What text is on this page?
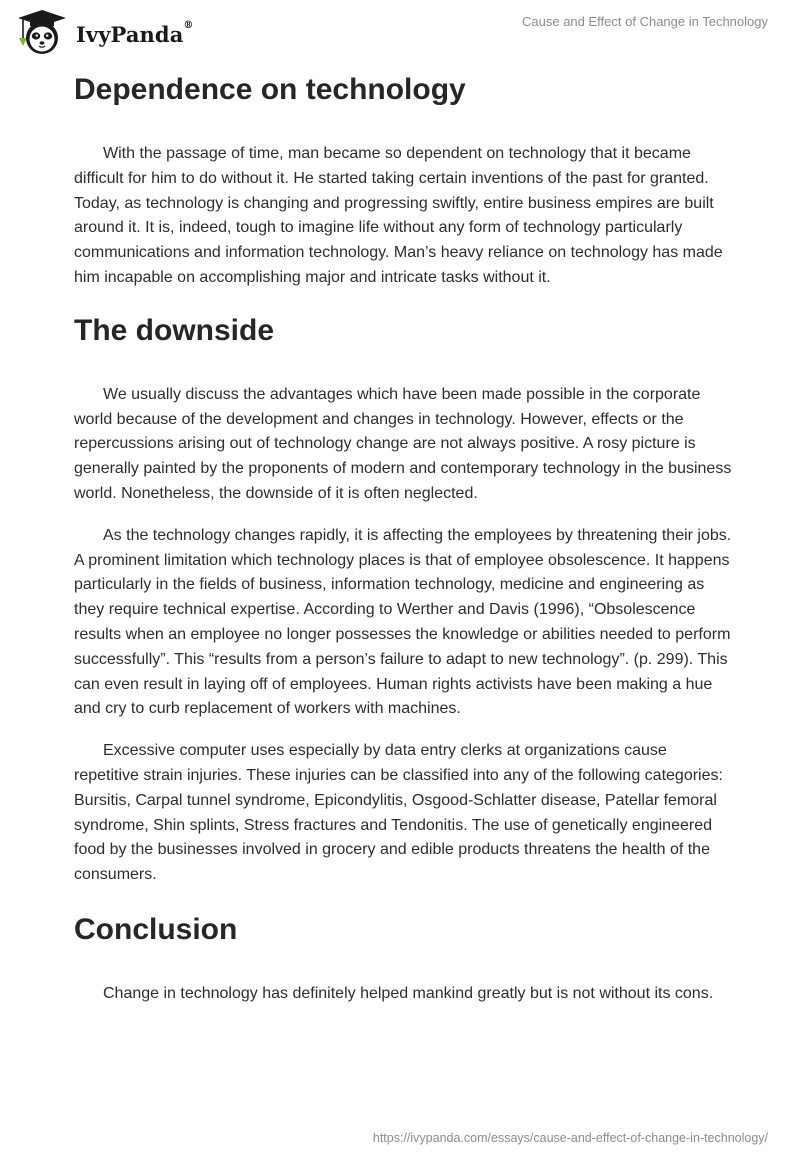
IvyPanda®	Cause and Effect of Change in Technology
Dependence on technology

With the passage of time, man became so dependent on technology that it became difficult for him to do without it. He started taking certain inventions of the past for granted. Today, as technology is changing and progressing swiftly, entire business empires are built around it. It is, indeed, tough to imagine life without any form of technology particularly communications and information technology. Man’s heavy reliance on technology has made him incapable on accomplishing major and intricate tasks without it.

The downside

We usually discuss the advantages which have been made possible in the corporate world because of the development and changes in technology. However, effects or the repercussions arising out of technology change are not always positive. A rosy picture is generally painted by the proponents of modern and contemporary technology in the business world. Nonetheless, the downside of it is often neglected.

As the technology changes rapidly, it is affecting the employees by threatening their jobs. A prominent limitation which technology places is that of employee obsolescence. It happens particularly in the fields of business, information technology, medicine and engineering as they require technical expertise. According to Werther and Davis (1996), “Obsolescence results when an employee no longer possesses the knowledge or abilities needed to perform successfully”. This “results from a person’s failure to adapt to new technology”. (p. 299). This can even result in laying off of employees. Human rights activists have been making a hue and cry to curb replacement of workers with machines.

Excessive computer uses especially by data entry clerks at organizations cause repetitive strain injuries. These injuries can be classified into any of the following categories: Bursitis, Carpal tunnel syndrome, Epicondylitis, Osgood-Schlatter disease, Patellar femoral syndrome, Shin splints, Stress fractures and Tendonitis. The use of genetically engineered food by the businesses involved in grocery and edible products threatens the health of the consumers.

Conclusion

Change in technology has definitely helped mankind greatly but is not without its cons.

https://ivypanda.com/essays/cause-and-effect-of-change-in-technology/
